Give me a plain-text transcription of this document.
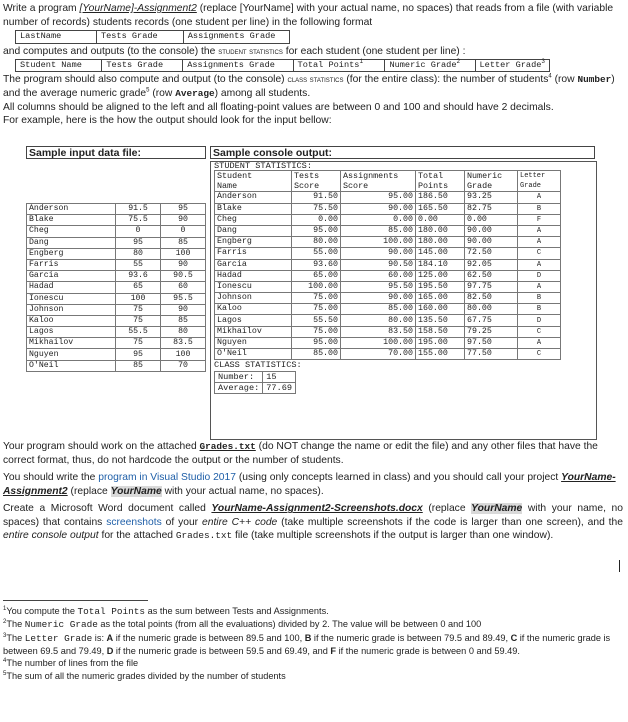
Write a program [YourName]-Assignment2 (replace [YourName] with your actual name, no spaces) that reads from a file (with variable number of records) students records (one student per line) in the following format

LastName	Tests Grade	Assignments Grade

and computes and outputs (to the console) the student statistics for each student (one student per line) :

Student Name	Tests Grade	Assignments Grade	Total Points$^1$	Numeric Grade$^2$	Letter Grade$^3$

The program should also compute and output (to the console) class statistics (for the entire class): the number of students$^4$ (row Number) and the average numeric grade$^5$ (row Average) among all students.

All columns should be aligned to the left and all floating-point values are between 0 and 100 and should have 2 decimals.

For example, here is the how the output should look for the input bellow:

Sample input data file:	Sample console output:
Anderson	91.5	95
Blake	75.5	90
Cheg	0	0
Dang	95	85
Engberg	80	100
Farris	55	90
Garcia	93.6	90.5
Hadad	65	60
Ionescu	100	95.5
Johnson	75	90
Kaloo	75	85
Lagos	55.5	80
Mikhailov	75	83.5
Nguyen	95	100
O'Neil	85	70
STUDENT STATISTICS:
Student	Tests	Assignments	Total	Numeric	Letter
Name	Score	Score	Points	Grade	Grade
Anderson	91.50	95.00	186.50	93.25	A
Blake	75.50	90.00	165.50	82.75	B
Cheg	0.00	0.00	0.00	0.00	F
Dang	95.00	85.00	180.00	90.00	A
Engberg	80.00	100.00	180.00	90.00	A
Farris	55.00	90.00	145.00	72.50	C
Garcia	93.60	90.50	184.10	92.05	A
Hadad	65.00	60.00	125.00	62.50	D
Ionescu	100.00	95.50	195.50	97.75	A
Johnson	75.00	90.00	165.00	82.50	B
Kaloo	75.00	85.00	160.00	80.00	B
Lagos	55.50	80.00	135.50	67.75	D
Mikhailov	75.00	83.50	158.50	79.25	C
Nguyen	95.00	100.00	195.00	97.50	A
O'Neil	85.00	70.00	155.00	77.50	C
CLASS STATISTICS:
Number:	15
Average:	77.69

Your program should work on the attached Grades.txt (do NOT change the name or edit the file) and any other files that have the correct format, thus, do not hardcode the output or the number of students.

You should write the program in Visual Studio 2017 (using only concepts learned in class) and you should call your project YourName-Assignment2 (replace YourName with your actual name, no spaces).

Create a Microsoft Word document called YourName-Assignment2-Screenshots.docx (replace YourName with your name, no spaces) that contains screenshots of your entire C++ code (take multiple screenshots if the code is larger than one screen), and the entire console output for the attached Grades.txt file (take multiple screenshots if the output is larger than one window).

$^1$You compute the Total Points as the sum between Tests and Assignments.

$^2$The Numeric Grade as the total points (from all the evaluations) divided by 2. The value will be between 0 and 100

$^3$The Letter Grade is: A if the numeric grade is between 89.5 and 100, B if the numeric grade is between 79.5 and 89.49, C if the numeric grade is between 69.5 and 79.49, D if the numeric grade is between 59.5 and 69.49, and F if the numeric grade is between 0 and 59.49.

$^4$The number of lines from the file

$^5$The sum of all the numeric grades divided by the number of students
